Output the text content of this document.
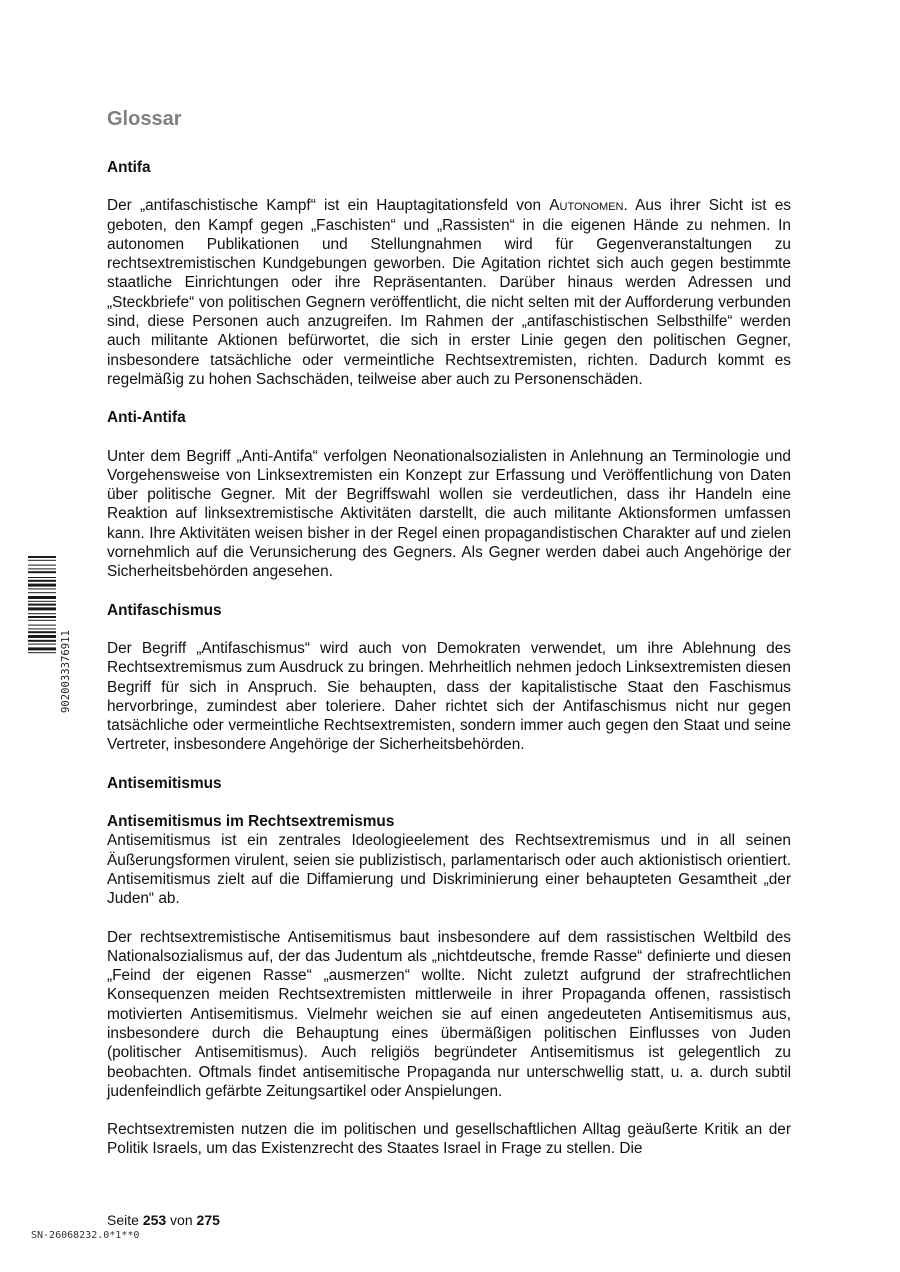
Glossar
Antifa

Der „antifaschistische Kampf“ ist ein Hauptagitationsfeld von Autonomen. Aus ihrer Sicht ist es geboten, den Kampf gegen „Faschisten“ und „Rassisten“ in die eigenen Hände zu nehmen. In autonomen Publikationen und Stellungnahmen wird für Gegenveranstaltungen zu rechtsextremistischen Kundgebungen geworben. Die Agitation richtet sich auch gegen bestimmte staatliche Einrichtungen oder ihre Repräsentanten. Darüber hinaus werden Adressen und „Steckbriefe“ von politischen Gegnern veröffentlicht, die nicht selten mit der Aufforderung verbunden sind, diese Personen auch anzugreifen. Im Rahmen der „antifaschistischen Selbsthilfe“ werden auch militante Aktionen befürwortet, die sich in erster Linie gegen den politischen Gegner, insbesondere tatsächliche oder vermeintliche Rechtsextremisten, richten. Dadurch kommt es regelmäßig zu hohen Sachschäden, teilweise aber auch zu Personenschäden.

Anti-Antifa

Unter dem Begriff „Anti-Antifa“ verfolgen Neonationalsozialisten in Anlehnung an Terminologie und Vorgehensweise von Linksextremisten ein Konzept zur Erfassung und Veröffentlichung von Daten über politische Gegner. Mit der Begriffswahl wollen sie verdeutlichen, dass ihr Handeln eine Reaktion auf linksextremistische Aktivitäten darstellt, die auch militante Aktionsformen umfassen kann. Ihre Aktivitäten weisen bisher in der Regel einen propagandistischen Charakter auf und zielen vornehmlich auf die Verunsicherung des Gegners. Als Gegner werden dabei auch Angehörige der Sicherheitsbehörden angesehen.

Antifaschismus

Der Begriff „Antifaschismus“ wird auch von Demokraten verwendet, um ihre Ablehnung des Rechtsextremismus zum Ausdruck zu bringen. Mehrheitlich nehmen jedoch Linksextremisten diesen Begriff für sich in Anspruch. Sie behaupten, dass der kapitalistische Staat den Faschismus hervorbringe, zumindest aber toleriere. Daher richtet sich der Antifaschismus nicht nur gegen tatsächliche oder vermeintliche Rechtsextremisten, sondern immer auch gegen den Staat und seine Vertreter, insbesondere Angehörige der Sicherheitsbehörden.

Antisemitismus
Antisemitismus im Rechtsextremismus

Antisemitismus ist ein zentrales Ideologieelement des Rechtsextremismus und in all seinen Äußerungsformen virulent, seien sie publizistisch, parlamentarisch oder auch aktionistisch orientiert. Antisemitismus zielt auf die Diffamierung und Diskriminierung einer behaupteten Gesamtheit „der Juden“ ab.

Der rechtsextremistische Antisemitismus baut insbesondere auf dem rassistischen Weltbild des Nationalsozialismus auf, der das Judentum als „nichtdeutsche, fremde Rasse“ definierte und diesen „Feind der eigenen Rasse“ „ausmerzen“ wollte. Nicht zuletzt aufgrund der strafrechtlichen Konsequenzen meiden Rechtsextremisten mittlerweile in ihrer Propaganda offenen, rassistisch motivierten Antisemitismus. Vielmehr weichen sie auf einen angedeuteten Antisemitismus aus, insbesondere durch die Behauptung eines übermäßigen politischen Einflusses von Juden (politischer Antisemitismus). Auch religiös begründeter Antisemitismus ist gelegentlich zu beobachten. Oftmals findet antisemitische Propaganda nur unterschwellig statt, u. a. durch subtil judenfeindlich gefärbte Zeitungsartikel oder Anspielungen.

Rechtsextremisten nutzen die im politischen und gesellschaftlichen Alltag geäußerte Kritik an der Politik Israels, um das Existenzrecht des Staates Israel in Frage zu stellen. Die

9020033376911
Seite 253 von 275
SN-26068232.0*1**0
